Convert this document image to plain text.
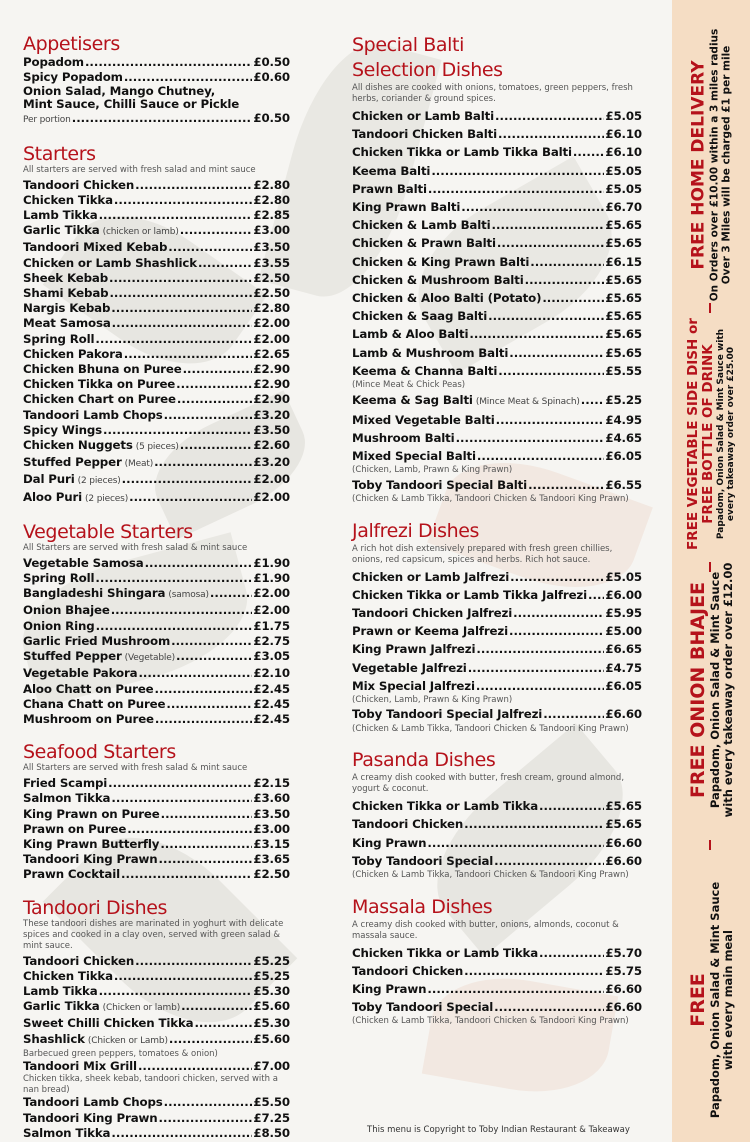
Appetisers
Popadom .....	£0.50
Spicy Popadom .....	£0.60
Onion Salad, Mango Chutney,
Mint Sauce, Chilli Sauce or Pickle
Per portion .....	£0.50
Starters
All starters are served with fresh salad and mint sauce
Tandoori Chicken .....	£2.80
Chicken Tikka .....	£2.80
Lamb Tikka .....	£2.85
Garlic Tikka (chicken or lamb) .....	£3.00
Tandoori Mixed Kebab .....	£3.50
Chicken or Lamb Shashlick .....	£3.55
Sheek Kebab .....	£2.50
Shami Kebab .....	£2.50
Nargis Kebab .....	£2.80
Meat Samosa .....	£2.00
Spring Roll .....	£2.00
Chicken Pakora .....	£2.65
Chicken Bhuna on Puree .....	£2.90
Chicken Tikka on Puree .....	£2.90
Chicken Chart on Puree .....	£2.90
Tandoori Lamb Chops .....	£3.20
Spicy Wings .....	£3.50
Chicken Nuggets (5 pieces) .....	£2.60
Stuffed Pepper (Meat) .....	£3.20
Dal Puri (2 pieces) .....	£2.00
Aloo Puri (2 pieces) .....	£2.00
Vegetable Starters
All Starters are served with fresh salad & mint sauce
Vegetable Samosa .....	£1.90
Spring Roll .....	£1.90
Bangladeshi Shingara (samosa) .....	£2.00
Onion Bhajee .....	£2.00
Onion Ring .....	£1.75
Garlic Fried Mushroom .....	£2.75
Stuffed Pepper (Vegetable) .....	£3.05
Vegetable Pakora .....	£2.10
Aloo Chatt on Puree .....	£2.45
Chana Chatt on Puree .....	£2.45
Mushroom on Puree .....	£2.45
Seafood Starters
All Starters are served with fresh salad & mint sauce
Fried Scampi .....	£2.15
Salmon Tikka .....	£3.60
King Prawn on Puree .....	£3.50
Prawn on Puree .....	£3.00
King Prawn Butterfly .....	£3.15
Tandoori King Prawn .....	£3.65
Prawn Cocktail .....	£2.50
Tandoori Dishes
These tandoori dishes are marinated in yoghurt with delicate spices and cooked in a clay oven, served with green salad & mint sauce.
Tandoori Chicken .....	£5.25
Chicken Tikka .....	£5.25
Lamb Tikka .....	£5.30
Garlic Tikka (Chicken or lamb) .....	£5.60
Sweet Chilli Chicken Tikka .....	£5.30
Shashlick (Chicken or Lamb) .....	£5.60
Barbecued green peppers, tomatoes & onion)
Tandoori Mix Grill .....	£7.00
Chicken tikka, sheek kebab, tandoori chicken, served with a nan bread)
Tandoori Lamb Chops .....	£5.50
Tandoori King Prawn .....	£7.25
Salmon Tikka .....	£8.50
Special Balti
Selection Dishes
All dishes are cooked with onions, tomatoes, green peppers, fresh herbs, coriander & ground spices.
Chicken or Lamb Balti .....	£5.05
Tandoori Chicken Balti .....	£6.10
Chicken Tikka or Lamb Tikka Balti .....	£6.10
Keema Balti .....	£5.05
Prawn Balti .....	£5.05
King Prawn Balti .....	£6.70
Chicken & Lamb Balti .....	£5.65
Chicken & Prawn Balti .....	£5.65
Chicken & King Prawn Balti .....	£6.15
Chicken & Mushroom Balti .....	£5.65
Chicken & Aloo Balti (Potato) .....	£5.65
Chicken & Saag Balti .....	£5.65
Lamb & Aloo Balti .....	£5.65
Lamb & Mushroom Balti .....	£5.65
Keema & Channa Balti .....	£5.55
(Mince Meat & Chick Peas)
Keema & Sag Balti (Mince Meat & Spinach) ..... £5.25
Mixed Vegetable Balti .....	£4.95
Mushroom Balti .....	£4.65
Mixed Special Balti .....	£6.05
(Chicken, Lamb, Prawn & King Prawn)
Toby Tandoori Special Balti .....	£6.55
(Chicken & Lamb Tikka, Tandoori Chicken & Tandoori King Prawn)
Jalfrezi Dishes
A rich hot dish extensively prepared with fresh green chillies, onions, red capsicum, spices and herbs. Rich hot sauce.
Chicken or Lamb Jalfrezi .....	£5.05
Chicken Tikka or Lamb Tikka Jalfrezi ..... £6.00
Tandoori Chicken Jalfrezi .....	£5.95
Prawn or Keema Jalfrezi .....	£5.00
King Prawn Jalfrezi .....	£6.65
Vegetable Jalfrezi .....	£4.75
Mix Special Jalfrezi .....	£6.05
(Chicken, Lamb, Prawn & King Prawn)
Toby Tandoori Special Jalfrezi .....	£6.60
(Chicken & Lamb Tikka, Tandoori Chicken & Tandoori King Prawn)
Pasanda Dishes
A creamy dish cooked with butter, fresh cream, ground almond, yogurt & coconut.
Chicken Tikka or Lamb Tikka .....	£5.65
Tandoori Chicken .....	£5.65
King Prawn .....	£6.60
Toby Tandoori Special .....	£6.60
(Chicken & Lamb Tikka, Tandoori Chicken & Tandoori King Prawn)
Massala Dishes
A creamy dish cooked with butter, onions, almonds, coconut & massala sauce.
Chicken Tikka or Lamb Tikka .....	£5.70
Tandoori Chicken .....	£5.75
King Prawn .....	£6.60
Toby Tandoori Special .....	£6.60
(Chicken & Lamb Tikka, Tandoori Chicken & Tandoori King Prawn)
This menu is Copyright to Toby Indian Restaurant & Takeaway
FREE HOME DELIVERY On Orders over £10.00 within a 3 miles radius Over 3 Miles will be charged £1 per mile
FREE VEGETABLE SIDE DISH or FREE BOTTLE OF DRINK Papadom, Onion Salad & Mint Sauce with every takeaway order over £25.00
FREE ONION BHAJEE Papadom, Onion Salad & Mint Sauce with every takeaway order over £12.00
FREE Papadom, Onion Salad & Mint Sauce with every main meal
